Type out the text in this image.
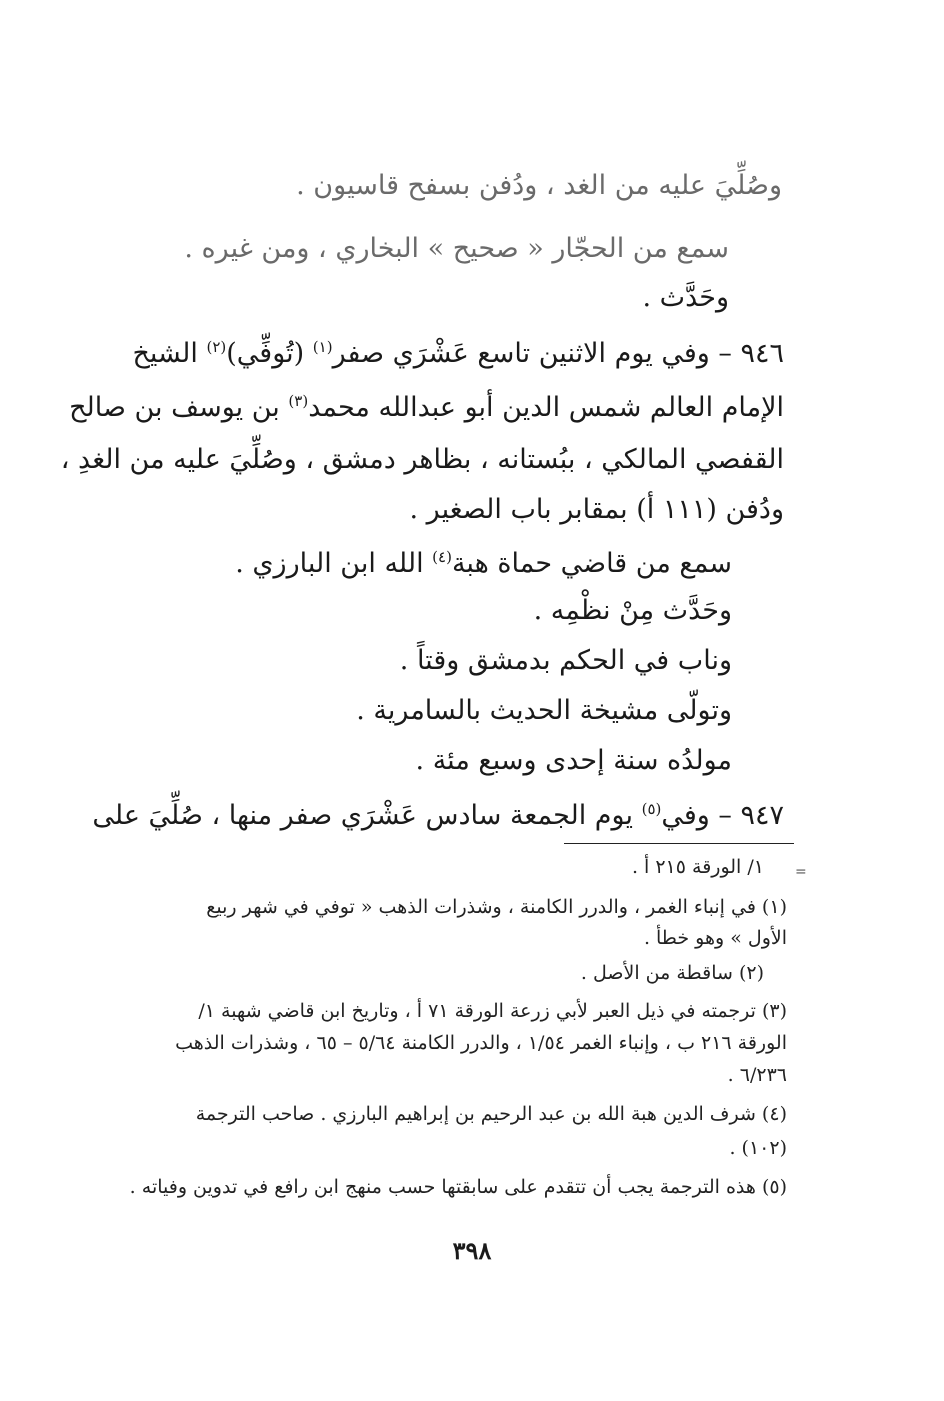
وصُلِّيَ عليه من الغد ، ودُفن بسفح قاسيون .
سمع من الحجّار « صحيح » البخاري ، ومن غيره .
وحَدَّث .
٩٤٦ – وفي يوم الاثنين تاسع عَشْرَي صفر$^{(١)}$ (تُوفِّي)$^{(٢)}$ الشيخ
الإمام العالم شمس الدين أبو عبدالله محمد$^{(٣)}$ بن يوسف بن صالح
القفصي المالكي ، ببُستانه ، بظاهر دمشق ، وصُلِّيَ عليه من الغدِ ،
ودُفن (١١١ أ) بمقابر باب الصغير .
سمع من قاضي حماة هبة$^{(٤)}$ الله ابن البارزي .
وحَدَّث مِنْ نظْمِه .
وناب في الحكم بدمشق وقتاً .
وتولّى مشيخة الحديث بالسامرية .
مولدُه سنة إحدى وسبع مئة .
٩٤٧ – وفي$^{(٥)}$ يوم الجمعة سادس عَشْرَي صفر منها ، صُلِّيَ على
=
١/ الورقة ٢١٥ أ .
(١) في إنباء الغمر ، والدرر الكامنة ، وشذرات الذهب « توفي في شهر ربيع
الأول » وهو خطأ .
(٢) ساقطة من الأصل .
(٣) ترجمته في ذيل العبر لأبي زرعة الورقة ٧١ أ ، وتاريخ ابن قاضي شهبة ١/
الورقة ٢١٦ ب ، وإنباء الغمر ١/٥٤ ، والدرر الكامنة ٥/٦٤ – ٦٥ ، وشذرات الذهب
٦/٢٣٦ .
(٤) شرف الدين هبة الله بن عبد الرحيم بن إبراهيم البارزي . صاحب الترجمة
(١٠٢) .
(٥) هذه الترجمة يجب أن تتقدم على سابقتها حسب منهج ابن رافع في تدوين وفياته .
٣٩٨
